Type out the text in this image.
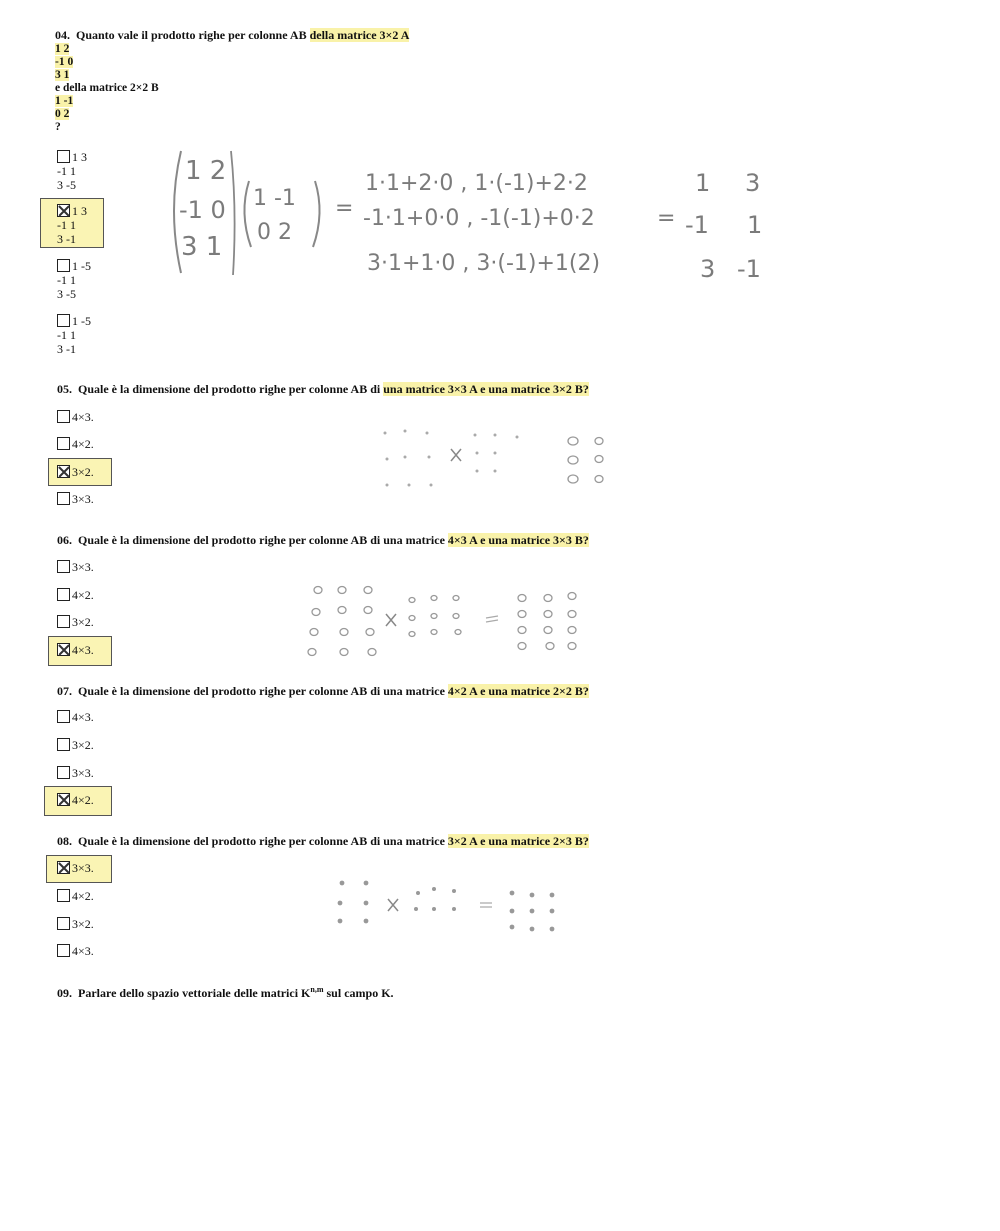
04. Quanto vale il prodotto righe per colonne AB della matrice 3×2 A
1 2
-1 0
3 1
e della matrice 2×2 B
1 -1
0 2
?
1 3
-1 1
3 -5
1 3
-1 1
3 -1
1 -5
-1 1
3 -5
1 -5
-1 1
3 -1
1 2
-1 0
3 1
1 -1
0 2
=
1·1+2·0 , 1·(-1)+2·2
-1·1+0·0 , -1(-1)+0·2
3·1+1·0 , 3·(-1)+1(2)
=
1 3
-1 1
3 -1
05. Quale è la dimensione del prodotto righe per colonne AB di una matrice 3×3 A e una matrice 3×2 B?
4×3.
4×2.
3×2.
3×3.
06. Quale è la dimensione del prodotto righe per colonne AB di una matrice 4×3 A e una matrice 3×3 B?
3×3.
4×2.
3×2.
4×3.
07. Quale è la dimensione del prodotto righe per colonne AB di una matrice 4×2 A e una matrice 2×2 B?
4×3.
3×2.
3×3.
4×2.
08. Quale è la dimensione del prodotto righe per colonne AB di una matrice 3×2 A e una matrice 2×3 B?
3×3.
4×2.
3×2.
4×3.
09. Parlare dello spazio vettoriale delle matrici K$^{n,m}$ sul campo K.
